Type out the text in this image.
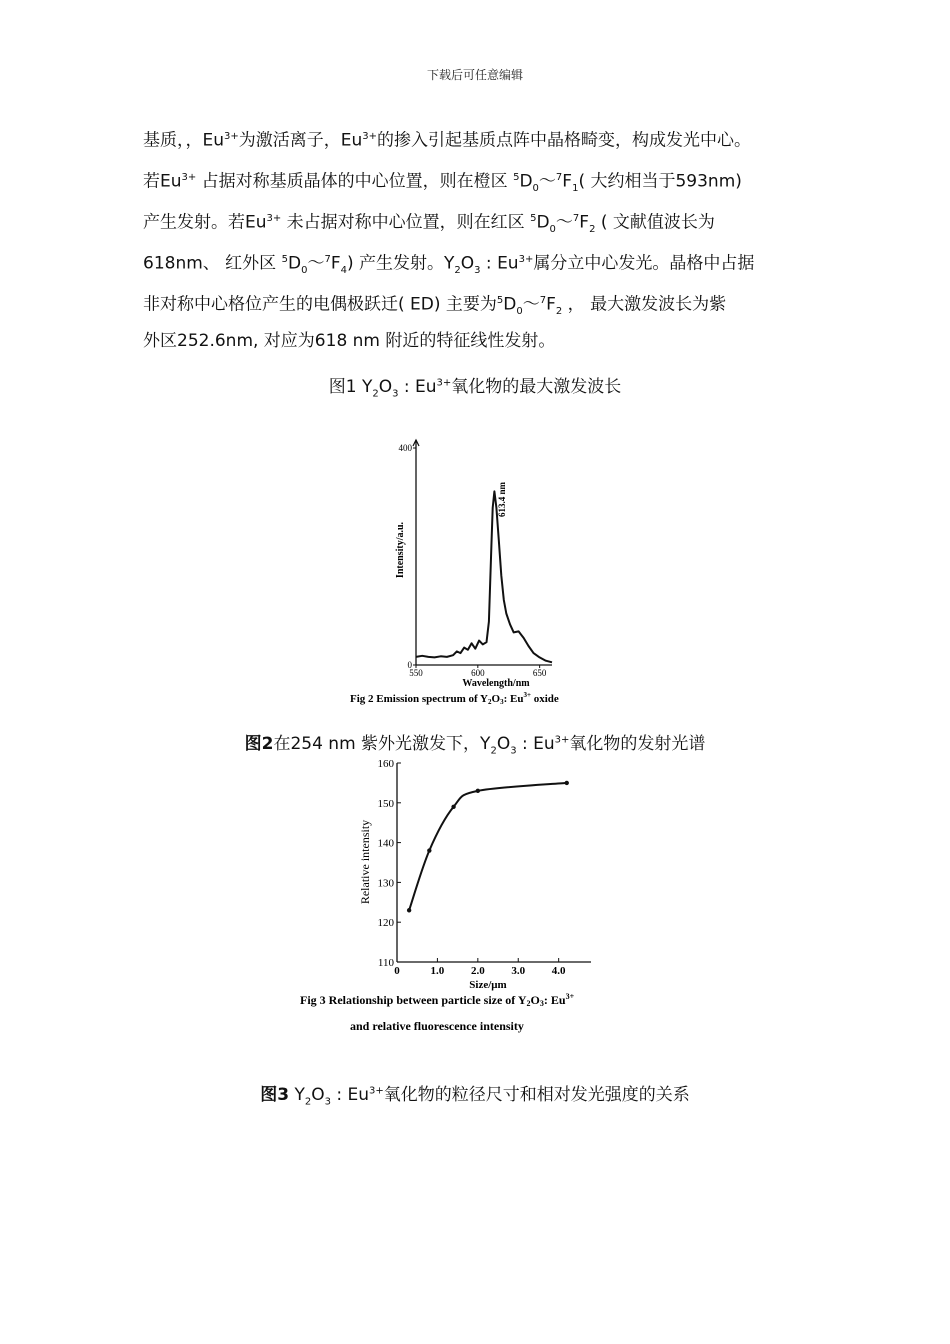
下载后可任意编辑
基质，，$Eu^{3+}$为激活离子，$Eu^{3+}$的掺入引起基质点阵中晶格畸变，构成发光中心。
若$Eu^{3+}$ 占据对称基质晶体的中心位置，则在橙区 $^5D_0\sim^7F_1$( 大约相当于593nm)
产生发射。若$Eu^{3+}$ 未占据对称中心位置，则在红区 $^5D_0\sim^7F_2$ ( 文献值波长为
618nm、 红外区 $^5D_0\sim^7F_4$) 产生发射。$Y_2O_3$ : $Eu^{3+}$属分立中心发光。晶格中占据
非对称中心格位产生的电偶极跃迁( ED) 主要为$^5D_0\sim^7F_2$ ， 最大激发波长为紫
外区252.6nm, 对应为618 nm 附近的特征线性发射。
图1 $Y_2O_3$ : $Eu^{3+}$氧化物的最大激发波长
550	600	650
0
400
Wavelength/nm
Intensity/a.u.
613.4 nm
Fig 2 Emission spectrum of Y2O3: $Eu^{3+}$ oxide
图2在254 nm 紫外光激发下，$Y_2O_3$ : $Eu^{3+}$氧化物的发射光谱
0	1.0 2.0 3.0 4.0
110
120
130
140
150
160
Size/μm
Relative intensity
Fig 3 Relationship between particle size of Y2O3: $Eu^{3+}$
and relative fluorescence intensity
图3 $Y_2O_3$ : $Eu^{3+}$氧化物的粒径尺寸和相对发光强度的关系
